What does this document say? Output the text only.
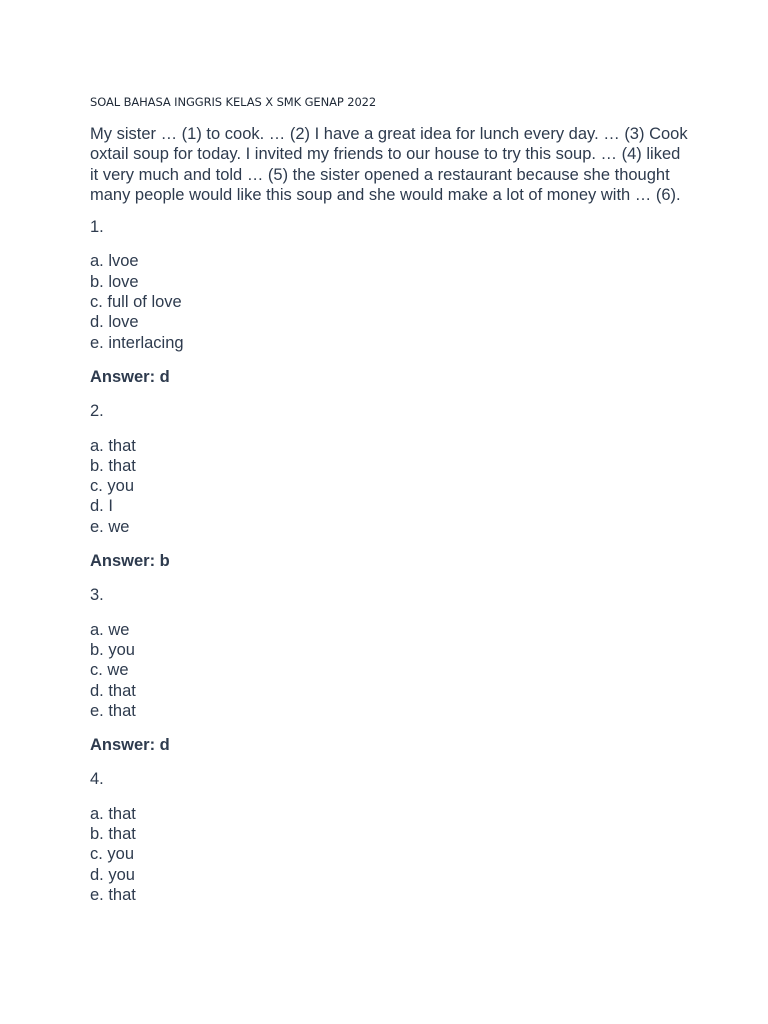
SOAL BAHASA INGGRIS KELAS X SMK GENAP 2022

My sister … (1) to cook. … (2) I have a great idea for lunch every day. … (3) Cook oxtail soup for today. I invited my friends to our house to try this soup. … (4) liked it very much and told … (5) the sister opened a restaurant because she thought many people would like this soup and she would make a lot of money with … (6).

1.
a. lvoe
b. love
c. full of love
d. love
e. interlacing
Answer: d
2.
a. that
b. that
c. you
d. I
e. we
Answer: b
3.
a. we
b. you
c. we
d. that
e. that
Answer: d
4.
a. that
b. that
c. you
d. you
e. that
